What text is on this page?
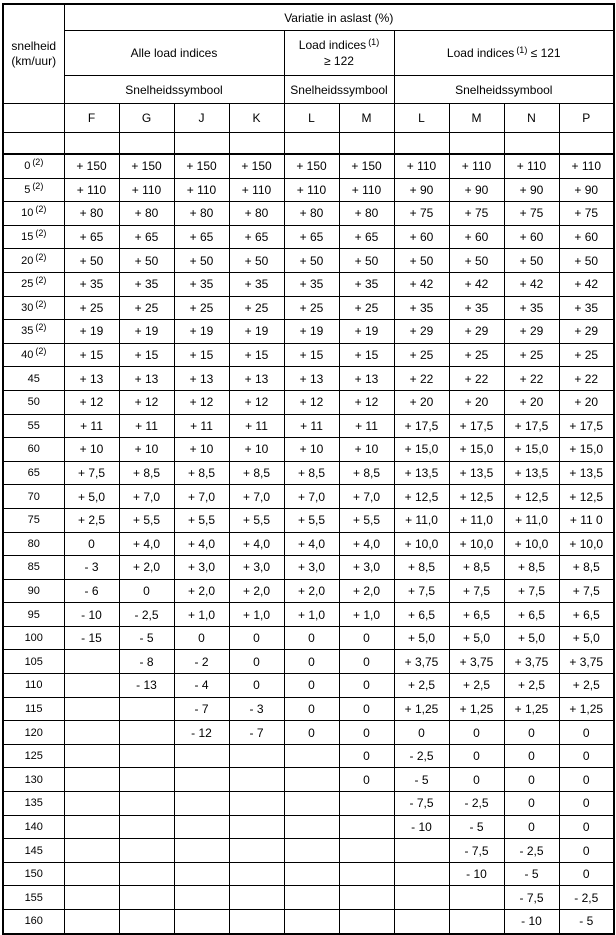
snelheid
(km/uur)	Variatie in aslast (%)									
	Alle load indices				Load indices $^{(1)}$
≥ 122		Load indices $^{(1)}$ ≤ 121			
	Snelheidssymbool				Snelheidssymbool		Snelheidssymbool			
	F	G	J	K	L	M	L	M	N	P

0 $^{(2)}$	+ 150	+ 150	+ 150	+ 150	+ 150	+ 150	+ 110	+ 110	+ 110	+ 110
5 $^{(2)}$	+ 110	+ 110	+ 110	+ 110	+ 110	+ 110	+ 90	+ 90	+ 90	+ 90
10 $^{(2)}$	+ 80	+ 80	+ 80	+ 80	+ 80	+ 80	+ 75	+ 75	+ 75	+ 75
15 $^{(2)}$	+ 65	+ 65	+ 65	+ 65	+ 65	+ 65	+ 60	+ 60	+ 60	+ 60
20 $^{(2)}$	+ 50	+ 50	+ 50	+ 50	+ 50	+ 50	+ 50	+ 50	+ 50	+ 50
25 $^{(2)}$	+ 35	+ 35	+ 35	+ 35	+ 35	+ 35	+ 42	+ 42	+ 42	+ 42
30 $^{(2)}$	+ 25	+ 25	+ 25	+ 25	+ 25	+ 25	+ 35	+ 35	+ 35	+ 35
35 $^{(2)}$	+ 19	+ 19	+ 19	+ 19	+ 19	+ 19	+ 29	+ 29	+ 29	+ 29
40 $^{(2)}$	+ 15	+ 15	+ 15	+ 15	+ 15	+ 15	+ 25	+ 25	+ 25	+ 25
45	+ 13	+ 13	+ 13	+ 13	+ 13	+ 13	+ 22	+ 22	+ 22	+ 22
50	+ 12	+ 12	+ 12	+ 12	+ 12	+ 12	+ 20	+ 20	+ 20	+ 20
55	+ 11	+ 11	+ 11	+ 11	+ 11	+ 11	+ 17,5	+ 17,5	+ 17,5	+ 17,5
60	+ 10	+ 10	+ 10	+ 10	+ 10	+ 10	+ 15,0	+ 15,0	+ 15,0	+ 15,0
65	+ 7,5	+ 8,5	+ 8,5	+ 8,5	+ 8,5	+ 8,5	+ 13,5	+ 13,5	+ 13,5	+ 13,5
70	+ 5,0	+ 7,0	+ 7,0	+ 7,0	+ 7,0	+ 7,0	+ 12,5	+ 12,5	+ 12,5	+ 12,5
75	+ 2,5	+ 5,5	+ 5,5	+ 5,5	+ 5,5	+ 5,5	+ 11,0	+ 11,0	+ 11,0	+ 11 0
80	0	+ 4,0	+ 4,0	+ 4,0	+ 4,0	+ 4,0	+ 10,0	+ 10,0	+ 10,0	+ 10,0
85	- 3	+ 2,0	+ 3,0	+ 3,0	+ 3,0	+ 3,0	+ 8,5	+ 8,5	+ 8,5	+ 8,5
90	- 6	0	+ 2,0	+ 2,0	+ 2,0	+ 2,0	+ 7,5	+ 7,5	+ 7,5	+ 7,5
95	- 10	- 2,5	+ 1,0	+ 1,0	+ 1,0	+ 1,0	+ 6,5	+ 6,5	+ 6,5	+ 6,5
100	- 15	- 5	0	0	0	0	+ 5,0	+ 5,0	+ 5,0	+ 5,0
105		- 8	- 2	0	0	0	+ 3,75	+ 3,75	+ 3,75	+ 3,75
110		- 13	- 4	0	0	0	+ 2,5	+ 2,5	+ 2,5	+ 2,5
115			- 7	- 3	0	0	+ 1,25	+ 1,25	+ 1,25	+ 1,25
120			- 12	- 7	0	0	0	0	0	0
125						0	- 2,5	0	0	0
130						0	- 5	0	0	0
135							- 7,5	- 2,5	0	0
140							- 10	- 5	0	0
145								- 7,5	- 2,5	0
150								- 10	- 5	0
155									- 7,5	- 2,5
160									- 10	- 5
